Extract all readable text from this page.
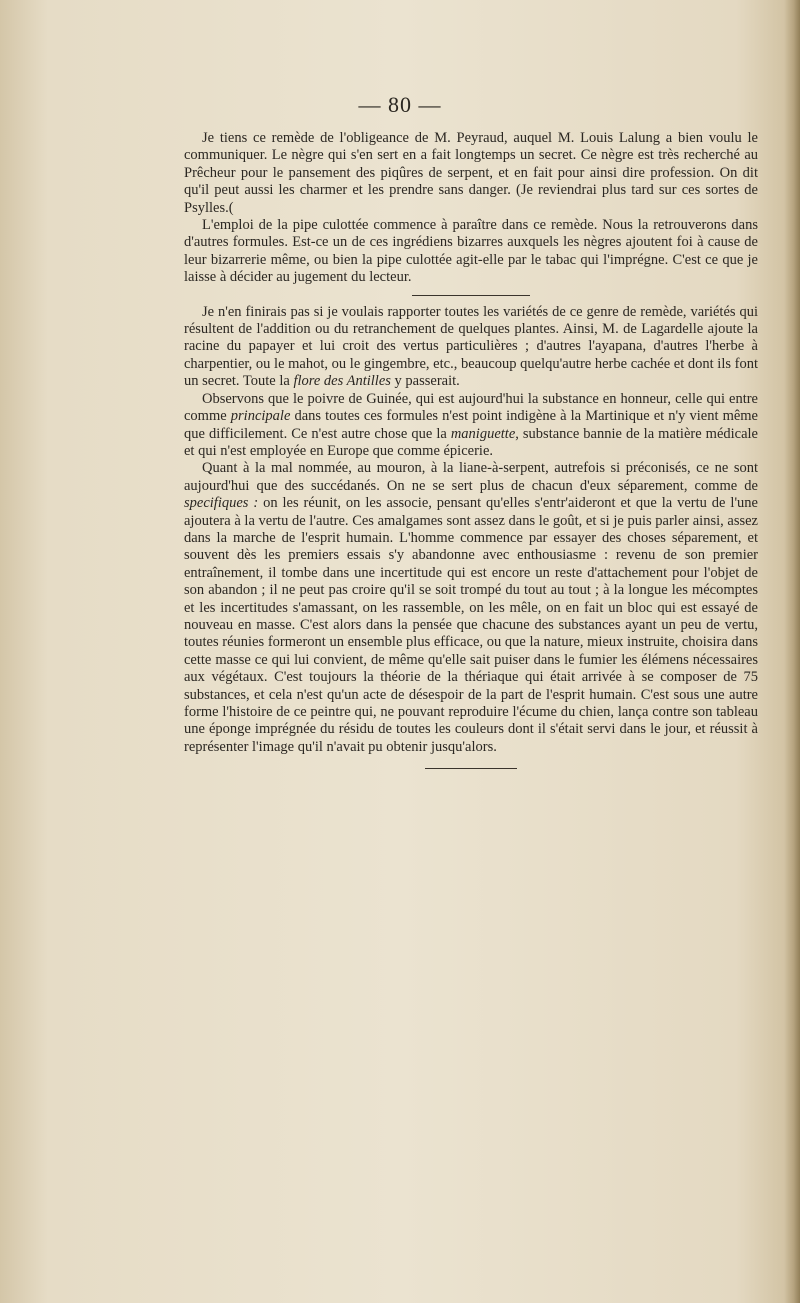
— 80 —

Je tiens ce remède de l'obligeance de M. Peyraud, auquel M. Louis Lalung a bien voulu le communiquer. Le nègre qui s'en sert en a fait longtemps un secret. Ce nègre est très recherché au Prêcheur pour le pansement des piqûres de serpent, et en fait pour ainsi dire profession. On dit qu'il peut aussi les charmer et les prendre sans danger. (Je reviendrai plus tard sur ces sortes de Psylles.(

L'emploi de la pipe culottée commence à paraître dans ce remède. Nous la retrouverons dans d'autres formules. Est-ce un de ces ingrédiens bizarres auxquels les nègres ajoutent foi à cause de leur bizarrerie même, ou bien la pipe culottée agit-elle par le tabac qui l'imprégne. C'est ce que je laisse à décider au jugement du lecteur.

Je n'en finirais pas si je voulais rapporter toutes les variétés de ce genre de remède, variétés qui résultent de l'addition ou du retranchement de quelques plantes. Ainsi, M. de Lagardelle ajoute la racine du papayer et lui croit des vertus particulières ; d'autres l'ayapana, d'autres l'herbe à charpentier, ou le mahot, ou le gingembre, etc., beaucoup quelqu'autre herbe cachée et dont ils font un secret. Toute la flore des Antilles y passerait.

Observons que le poivre de Guinée, qui est aujourd'hui la substance en honneur, celle qui entre comme principale dans toutes ces formules n'est point indigène à la Martinique et n'y vient même que difficilement. Ce n'est autre chose que la maniguette, substance bannie de la matière médicale et qui n'est employée en Europe que comme épicerie.

Quant à la mal nommée, au mouron, à la liane-à-serpent, autrefois si préconisés, ce ne sont aujourd'hui que des succédanés. On ne se sert plus de chacun d'eux séparement, comme de specifiques : on les réunit, on les associe, pensant qu'elles s'entr'aideront et que la vertu de l'une ajoutera à la vertu de l'autre. Ces amalgames sont assez dans le goût, et si je puis parler ainsi, assez dans la marche de l'esprit humain. L'homme commence par essayer des choses séparement, et souvent dès les premiers essais s'y abandonne avec enthousiasme : revenu de son premier entraînement, il tombe dans une incertitude qui est encore un reste d'attachement pour l'objet de son abandon ; il ne peut pas croire qu'il se soit trompé du tout au tout ; à la longue les mécomptes et les incertitudes s'amassant, on les rassemble, on les mêle, on en fait un bloc qui est essayé de nouveau en masse. C'est alors dans la pensée que chacune des substances ayant un peu de vertu, toutes réunies formeront un ensemble plus efficace, ou que la nature, mieux instruite, choisira dans cette masse ce qui lui convient, de même qu'elle sait puiser dans le fumier les élémens nécessaires aux végétaux. C'est toujours la théorie de la thériaque qui était arrivée à se composer de 75 substances, et cela n'est qu'un acte de désespoir de la part de l'esprit humain. C'est sous une autre forme l'histoire de ce peintre qui, ne pouvant reproduire l'écume du chien, lança contre son tableau une éponge imprégnée du résidu de toutes les couleurs dont il s'était servi dans le jour, et réussit à représenter l'image qu'il n'avait pu obtenir jusqu'alors.
